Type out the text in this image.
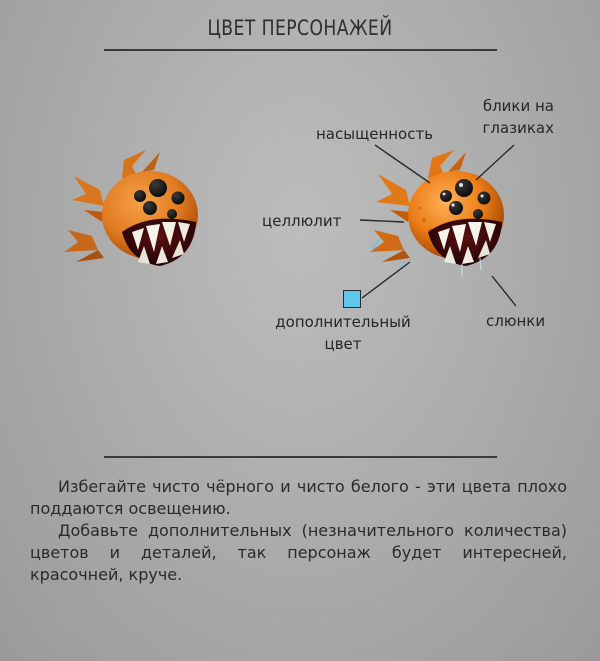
ЦВЕТ ПЕРСОНАЖЕЙ
насыщенность
блики на
глазиках
целлюлит
дополнительный
цвет
слюнки

Избегайте чисто чёрного и чисто белого - эти цвета плохо поддаются освещению.

Добавьте дополнительных (незначительного количества) цветов и деталей, так персонаж будет интересней, красочней, круче.
